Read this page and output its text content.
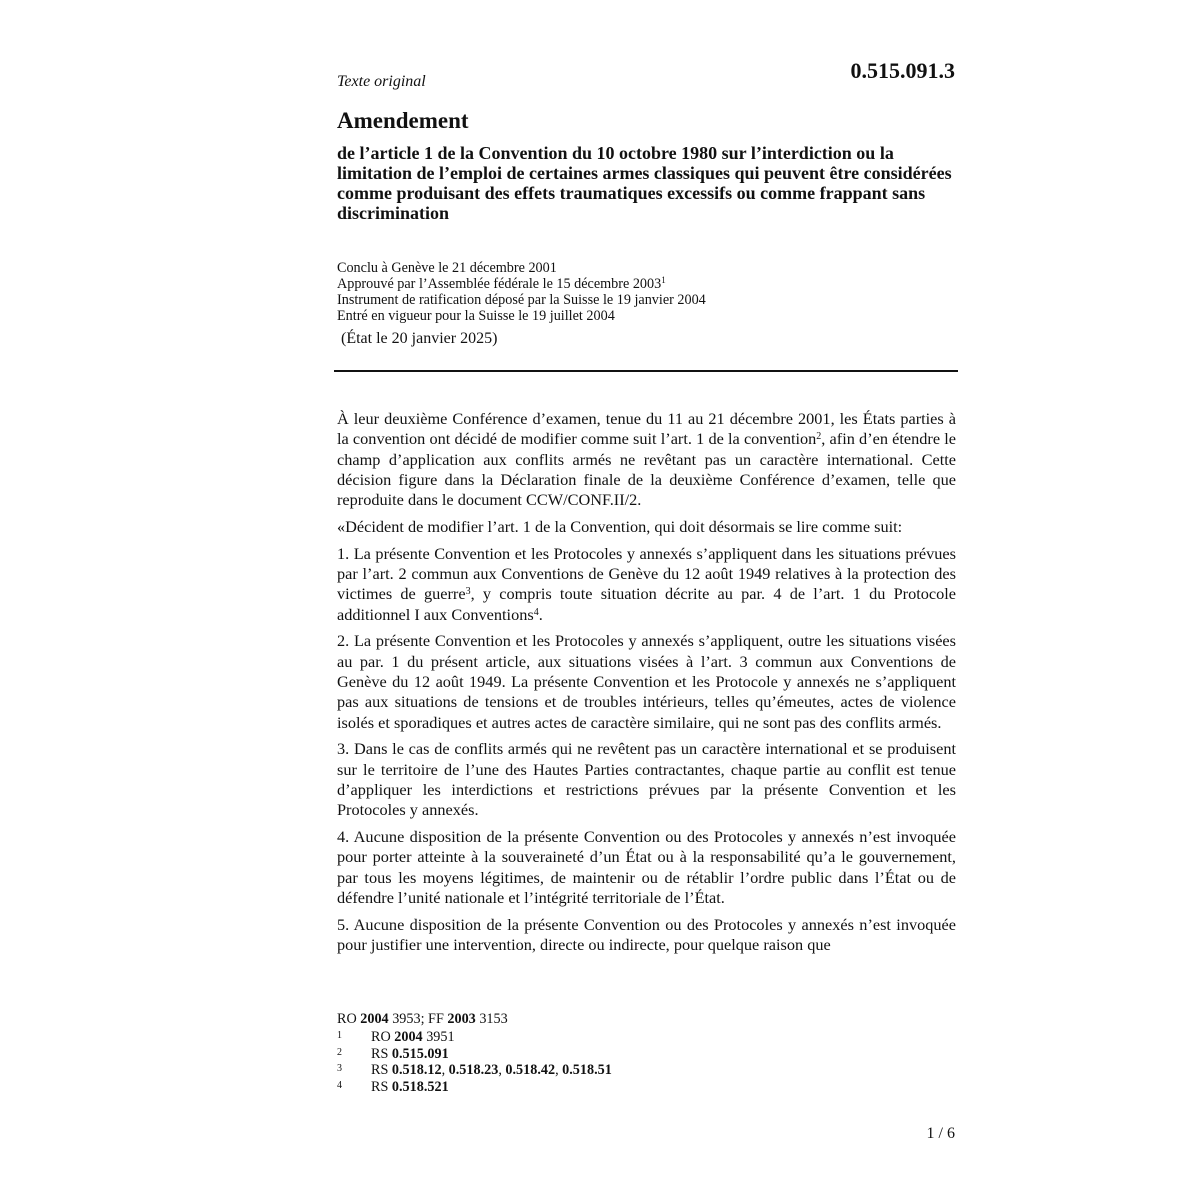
Texte original	0.515.091.3
Amendement

de l’article 1 de la Convention du 10 octobre 1980 sur l’interdiction ou la limitation de l’emploi de certaines armes classiques qui peuvent être considérées comme produisant des effets traumatiques excessifs ou comme frappant sans discrimination

Conclu à Genève le 21 décembre 2001
Approuvé par l’Assemblée fédérale le 15 décembre 2003$^1$
Instrument de ratification déposé par la Suisse le 19 janvier 2004
Entré en vigueur pour la Suisse le 19 juillet 2004
(État le 20 janvier 2025)

À leur deuxième Conférence d’examen, tenue du 11 au 21 décembre 2001, les États parties à la convention ont décidé de modifier comme suit l’art. 1 de la convention$^2$, afin d’en étendre le champ d’application aux conflits armés ne revêtant pas un caractère international. Cette décision figure dans la Déclaration finale de la deuxième Conférence d’examen, telle que reproduite dans le document CCW/CONF.II/2.

«Décident de modifier l’art. 1 de la Convention, qui doit désormais se lire comme suit:

1. La présente Convention et les Protocoles y annexés s’appliquent dans les situations prévues par l’art. 2 commun aux Conventions de Genève du 12 août 1949 relatives à la protection des victimes de guerre$^3$, y compris toute situation décrite au par. 4 de l’art. 1 du Protocole additionnel I aux Conventions$^4$.

2. La présente Convention et les Protocoles y annexés s’appliquent, outre les situations visées au par. 1 du présent article, aux situations visées à l’art. 3 commun aux Conventions de Genève du 12 août 1949. La présente Convention et les Protocole y annexés ne s’appliquent pas aux situations de tensions et de troubles intérieurs, telles qu’émeutes, actes de violence isolés et sporadiques et autres actes de caractère similaire, qui ne sont pas des conflits armés.

3. Dans le cas de conflits armés qui ne revêtent pas un caractère international et se produisent sur le territoire de l’une des Hautes Parties contractantes, chaque partie au conflit est tenue d’appliquer les interdictions et restrictions prévues par la présente Convention et les Protocoles y annexés.

4. Aucune disposition de la présente Convention ou des Protocoles y annexés n’est invoquée pour porter atteinte à la souveraineté d’un État ou à la responsabilité qu’a le gouvernement, par tous les moyens légitimes, de maintenir ou de rétablir l’ordre public dans l’État ou de défendre l’unité nationale et l’intégrité territoriale de l’État.

5. Aucune disposition de la présente Convention ou des Protocoles y annexés n’est invoquée pour justifier une intervention, directe ou indirecte, pour quelque raison que

RO 2004 3953; FF 2003 3153
1	RO 2004 3951
2	RS 0.515.091
3	RS 0.518.12, 0.518.23, 0.518.42, 0.518.51
4	RS 0.518.521
1 / 6
